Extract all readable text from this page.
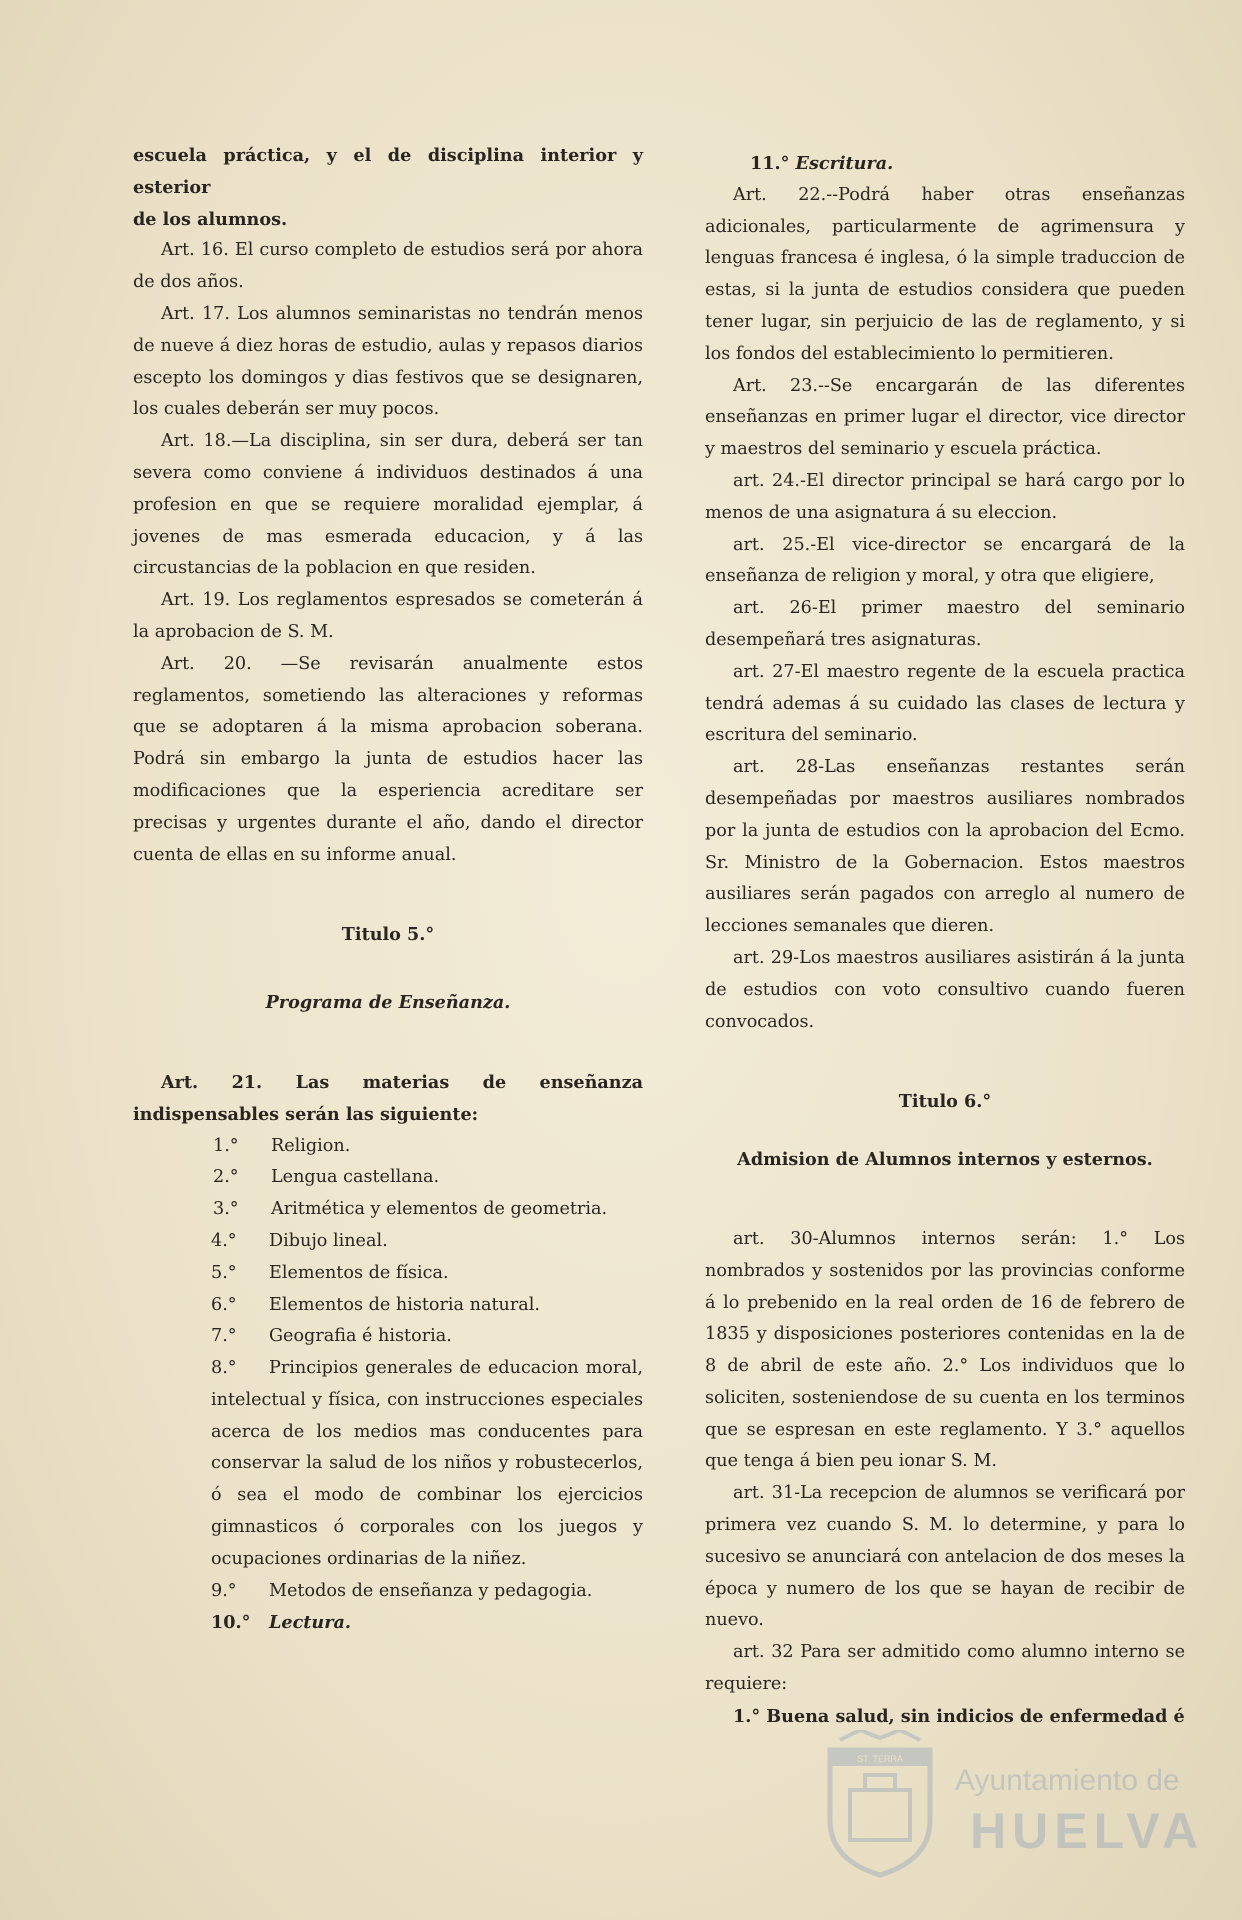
escuela práctica, y el de disciplina interior y esterior

de los alumnos.

Art. 16. El curso completo de estudios será por ahora de dos años.

Art. 17. Los alumnos seminaristas no tendrán menos de nueve á diez horas de estudio, aulas y repasos diarios escepto los domingos y dias festivos que se designaren, los cuales deberán ser muy pocos.

Art. 18.—La disciplina, sin ser dura, deberá ser tan severa como conviene á individuos destinados á una profesion en que se requiere moralidad ejemplar, á jovenes de mas esmerada educacion, y á las circustancias de la poblacion en que residen.

Art. 19. Los reglamentos espresados se cometerán á la aprobacion de S. M.

Art. 20. —Se revisarán anualmente estos reglamentos, sometiendo las alteraciones y reformas que se adoptaren á la misma aprobacion soberana. Podrá sin embargo la junta de estudios hacer las modificaciones que la esperiencia acreditare ser precisas y urgentes durante el año, dando el director cuenta de ellas en su informe anual.

Titulo 5.°

Programa de Enseñanza.

Art. 21. Las materias de enseñanza indispensables serán las siguiente:

1.° Religion.

2.° Lengua castellana.

3.° Aritmética y elementos de geometria.

4.° Dibujo lineal.

5.° Elementos de física.

6.° Elementos de historia natural.

7.° Geografia é historia.

8.° Principios generales de educacion moral, intelectual y física, con instrucciones especiales acerca de los medios mas conducentes para conservar la salud de los niños y robustecerlos, ó sea el modo de combinar los ejercicios gimnasticos ó corporales con los juegos y ocupaciones ordinarias de la niñez.

9.° Metodos de enseñanza y pedagogia.

10.° Lectura.

11.° Escritura.

Art. 22.--Podrá haber otras enseñanzas adicionales, particularmente de agrimensura y lenguas francesa é inglesa, ó la simple traduccion de estas, si la junta de estudios considera que pueden tener lugar, sin perjuicio de las de reglamento, y si los fondos del establecimiento lo permitieren.

Art. 23.--Se encargarán de las diferentes enseñanzas en primer lugar el director, vice director y maestros del seminario y escuela práctica.

art. 24.-El director principal se hará cargo por lo menos de una asignatura á su eleccion.

art. 25.-El vice-director se encargará de la enseñanza de religion y moral, y otra que eligiere,

art. 26-El primer maestro del seminario desempeñará tres asignaturas.

art. 27-El maestro regente de la escuela practica tendrá ademas á su cuidado las clases de lectura y escritura del seminario.

art. 28-Las enseñanzas restantes serán desempeñadas por maestros ausiliares nombrados por la junta de estudios con la aprobacion del Ecmo. Sr. Ministro de la Gobernacion. Estos maestros ausiliares serán pagados con arreglo al numero de lecciones semanales que dieren.

art. 29-Los maestros ausiliares asistirán á la junta de estudios con voto consultivo cuando fueren convocados.

Titulo 6.°

Admision de Alumnos internos y esternos.

art. 30-Alumnos internos serán: 1.° Los nombrados y sostenidos por las provincias conforme á lo prebenido en la real orden de 16 de febrero de 1835 y disposiciones posteriores contenidas en la de 8 de abril de este año. 2.° Los individuos que lo soliciten, sosteniendose de su cuenta en los terminos que se espresan en este reglamento. Y 3.° aquellos que tenga á bien peu ionar S. M.

art. 31-La recepcion de alumnos se verificará por primera vez cuando S. M. lo determine, y para lo sucesivo se anunciará con antelacion de dos meses la época y numero de los que se hayan de recibir de nuevo.

art. 32 Para ser admitido como alumno interno se requiere:

1.° Buena salud, sin indicios de enfermedad é

ST. TERRA
Ayuntamiento de
HUELVA
